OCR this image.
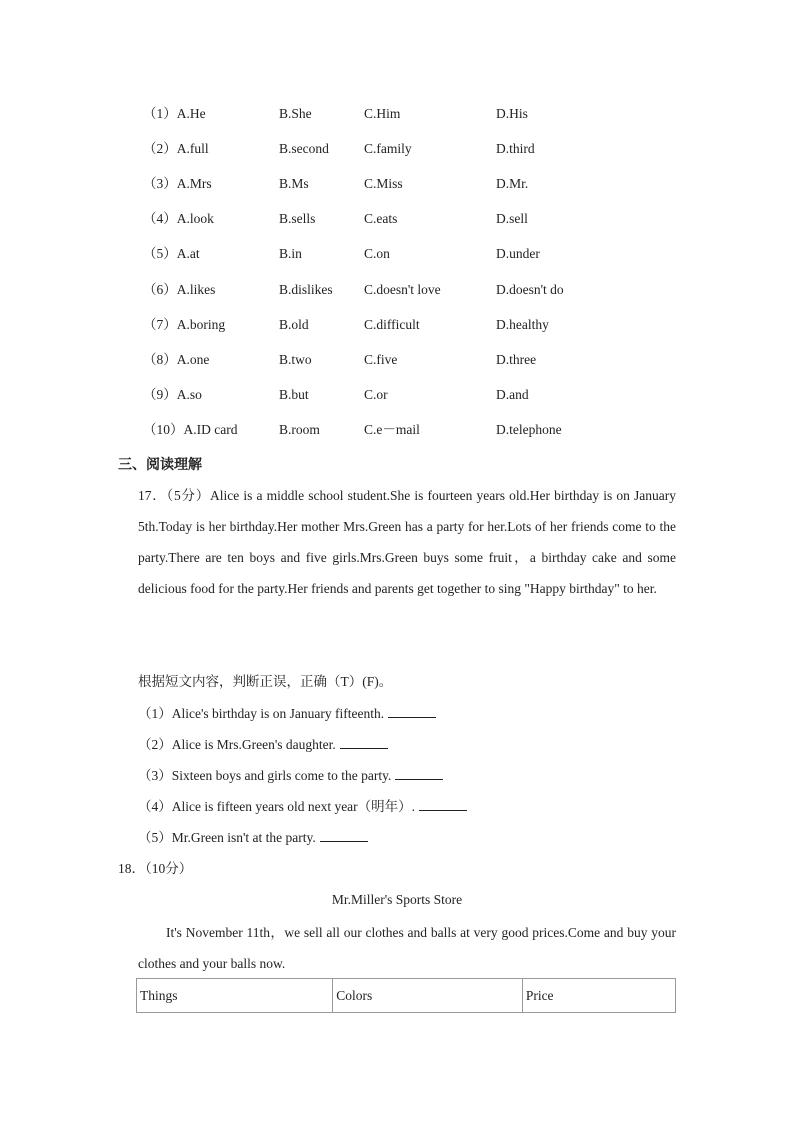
（1）A.He	B.She	C.Him	D.His
（2）A.full	B.second	C.family	D.third
（3）A.Mrs	B.Ms	C.Miss	D.Mr.
（4）A.look	B.sells	C.eats	D.sell
（5）A.at	B.in	C.on	D.under
（6）A.likes	B.dislikes C.doesn't love	D.doesn't do
（7）A.boring	B.old	C.difficult	D.healthy
（8）A.one	B.two	C.five	D.three
（9）A.so	B.but	C.or	D.and
（10）A.ID card	B.room	C.e－mail	D.telephone
三、阅读理解
17．（5分）Alice is a middle school student.She is fourteen years old.Her birthday is on January 5th.Today is her birthday.Her mother Mrs.Green has a party for her.Lots of her friends come to the party.There are ten boys and five girls.Mrs.Green buys some fruit，a birthday cake and some delicious food for the party.Her friends and parents get together to sing "Happy birthday" to her.
根据短文内容，判断正误，正确（T）(F)。
（1）Alice's birthday is on January fifteenth.
（2）Alice is Mrs.Green's daughter.
（3）Sixteen boys and girls come to the party.
（4）Alice is fifteen years old next year（明年）.
（5）Mr.Green isn't at the party.
18．（10分）
Mr.Miller's Sports Store
It's November 11th，we sell all our clothes and balls at very good prices.Come and buy your clothes and your balls now.
Things	Colors	Price
